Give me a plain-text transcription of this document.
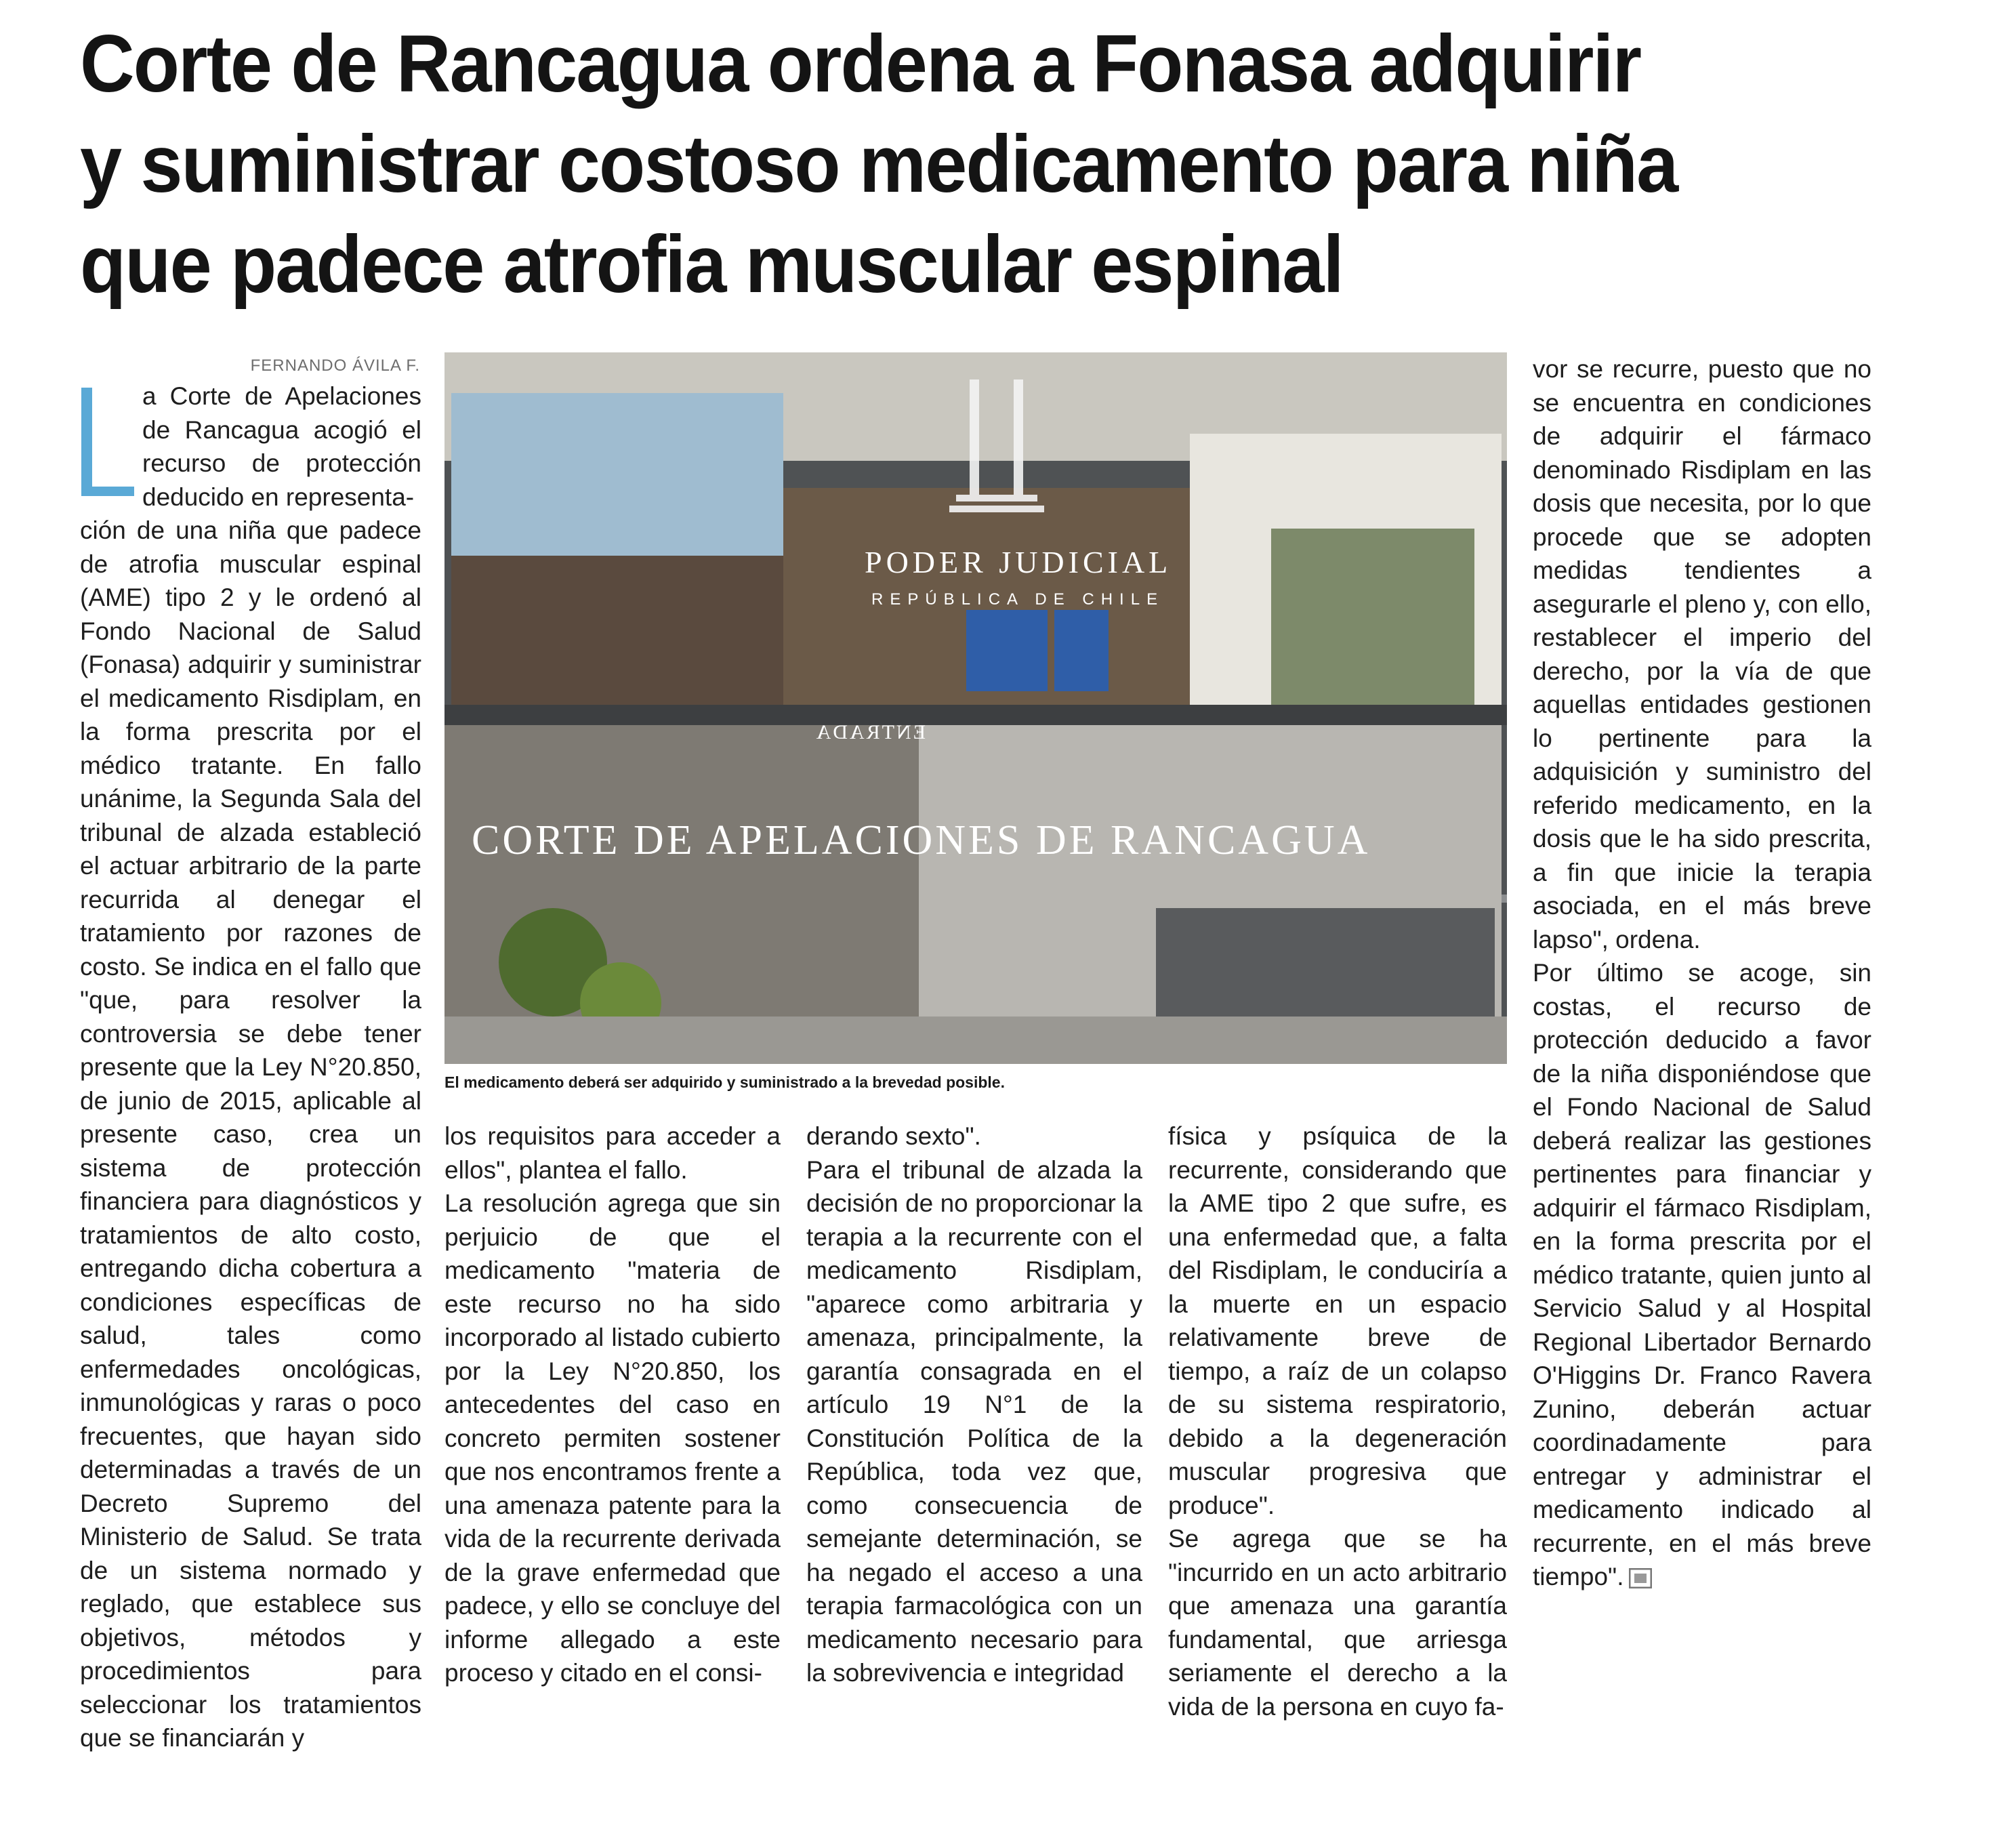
Corte de Rancagua ordena a Fonasa adquirir
y suministrar costoso medicamento para niña
que padece atrofia muscular espinal
FERNANDO ÁVILA F.

a Corte de Apelaciones de Rancagua acogió el recurso de protección deducido en representa-

ción de una niña que padece de atrofia muscular espinal (AME) tipo 2 y le ordenó al Fondo Nacional de Salud (Fonasa) adquirir y suministrar el medicamento Risdiplam, en la forma prescrita por el médico tratante. En fallo unánime, la Segunda Sala del tribunal de alzada estableció el actuar arbitrario de la parte recurrida al denegar el tratamiento por razones de costo. Se indica en el fallo que "que, para resolver la controversia se debe tener presente que la Ley N°20.850, de junio de 2015, aplicable al presente caso, crea un sistema de protección financiera para diagnósticos y tratamientos de alto costo, entregando dicha cobertura a condiciones específicas de salud, tales como enfermedades oncológicas, inmunológicas y raras o poco frecuentes, que hayan sido determinadas a través de un Decreto Supremo del Ministerio de Salud. Se trata de un sistema normado y reglado, que establece sus objetivos, métodos y procedimientos para seleccionar los tratamientos que se financiarán y

PODER JUDICIAL
REPÚBLICA DE CHILE
ENTRADA
CORTE DE APELACIONES DE RANCAGUA
El medicamento deberá ser adquirido y suministrado a la brevedad posible.

los requisitos para acceder a ellos", plantea el fallo.

La resolución agrega que sin perjuicio de que el medicamento "materia de este recurso no ha sido incorporado al listado cubierto por la Ley N°20.850, los antecedentes del caso en concreto permiten sostener que nos encontramos frente a una amenaza patente para la vida de la recurrente derivada de la grave enfermedad que padece, y ello se concluye del informe allegado a este proceso y citado en el consi-

derando sexto".

Para el tribunal de alzada la decisión de no proporcionar la terapia a la recurrente con el medicamento Risdiplam, "aparece como arbitraria y amenaza, principalmente, la garantía consagrada en el artículo 19 N°1 de la Constitución Política de la República, toda vez que, como consecuencia de semejante determinación, se ha negado el acceso a una terapia farmacológica con un medicamento necesario para la sobrevivencia e integridad

física y psíquica de la recurrente, considerando que la AME tipo 2 que sufre, es una enfermedad que, a falta del Risdiplam, le conduciría a la muerte en un espacio relativamente breve de tiempo, a raíz de un colapso de su sistema respiratorio, debido a la degeneración muscular progresiva que produce".

Se agrega que se ha "incurrido en un acto arbitrario que amenaza una garantía fundamental, que arriesga seriamente el derecho a la vida de la persona en cuyo fa-

vor se recurre, puesto que no se encuentra en condiciones de adquirir el fármaco denominado Risdiplam en las dosis que necesita, por lo que procede que se adopten medidas tendientes a asegurarle el pleno y, con ello, restablecer el imperio del derecho, por la vía de que aquellas entidades gestionen lo pertinente para la adquisición y suministro del referido medicamento, en la dosis que le ha sido prescrita, a fin que inicie la terapia asociada, en el más breve lapso", ordena.

Por último se acoge, sin costas, el recurso de protección deducido a favor de la niña disponiéndose que el Fondo Nacional de Salud deberá realizar las gestiones pertinentes para financiar y adquirir el fármaco Risdiplam, en la forma prescrita por el médico tratante, quien junto al Servicio Salud y al Hospital Regional Libertador Bernardo O'Higgins Dr. Franco Ravera Zunino, deberán actuar coordinadamente para entregar y administrar el medicamento indicado al recurrente, en el más breve tiempo".
